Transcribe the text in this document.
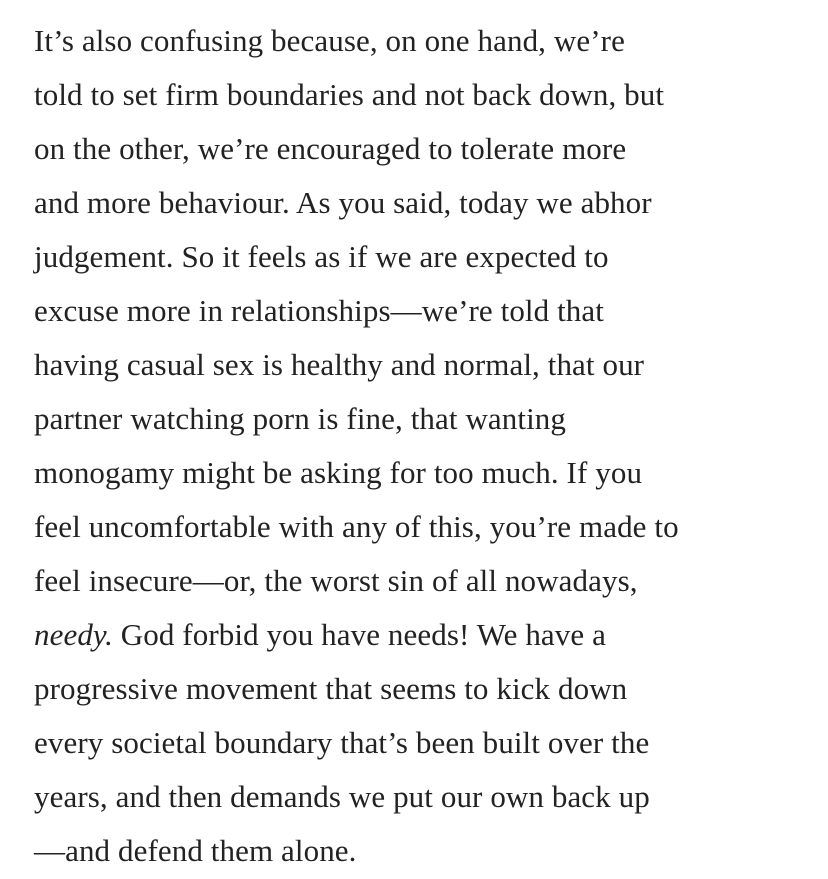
It’s also confusing because, on one hand, we’re
told to set firm boundaries and not back down, but
on the other, we’re encouraged to tolerate more
and more behaviour. As you said, today we abhor
judgement. So it feels as if we are expected to
excuse more in relationships—we’re told that
having casual sex is healthy and normal, that our
partner watching porn is fine, that wanting
monogamy might be asking for too much. If you
feel uncomfortable with any of this, you’re made to
feel insecure—or, the worst sin of all nowadays,
needy. God forbid you have needs! We have a
progressive movement that seems to kick down
every societal boundary that’s been built over the
years, and then demands we put our own back up
—and defend them alone.
